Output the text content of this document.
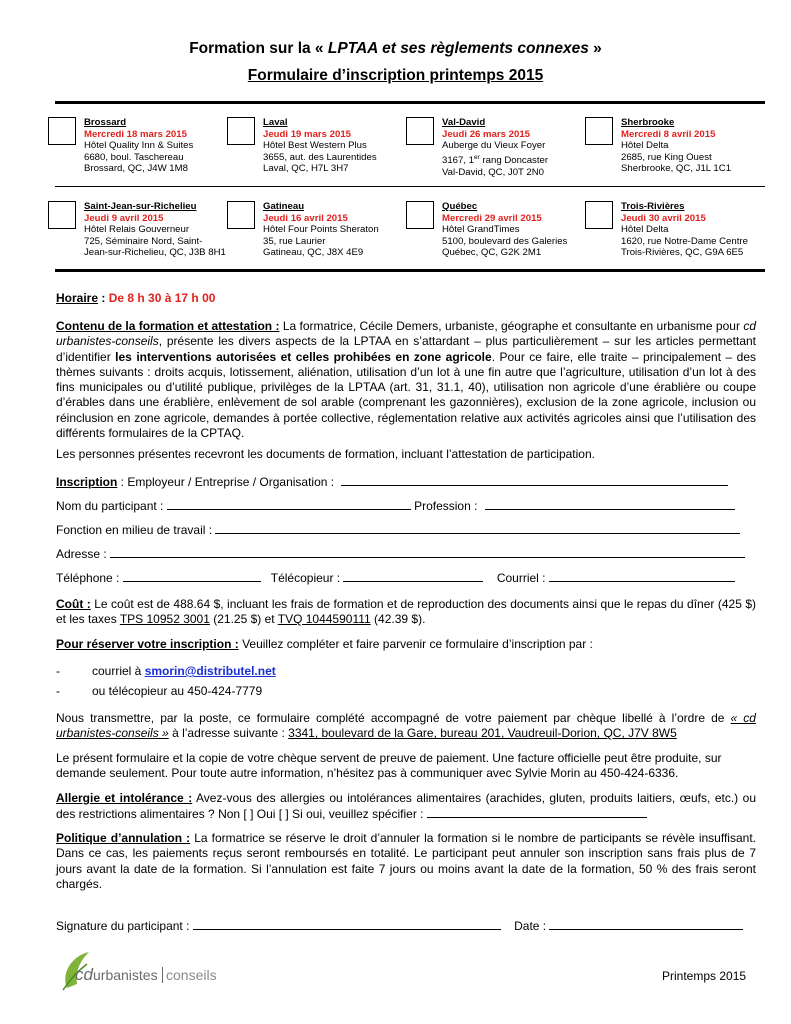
Formation sur la « LPTAA et ses règlements connexes »
Formulaire d’inscription printemps 2015
Brossard
Mercredi 18 mars 2015
Hôtel Quality Inn & Suites
6680, boul. Taschereau
Brossard, QC, J4W 1M8
Laval
Jeudi 19 mars 2015
Hôtel Best Western Plus
3655, aut. des Laurentides
Laval, QC, H7L 3H7
Val-David
Jeudi 26 mars 2015
Auberge du Vieux Foyer
3167, 1er rang Doncaster
Val-David, QC, J0T 2N0
Sherbrooke
Mercredi 8 avril 2015
Hôtel Delta
2685, rue King Ouest
Sherbrooke, QC, J1L 1C1
Saint-Jean-sur-Richelieu
Jeudi 9 avril 2015
Hôtel Relais Gouverneur
725, Séminaire Nord, Saint-
Jean-sur-Richelieu, QC, J3B 8H1
Gatineau
Jeudi 16 avril 2015
Hôtel Four Points Sheraton
35, rue Laurier
Gatineau, QC, J8X 4E9
Québec
Mercredi 29 avril 2015
Hôtel GrandTimes
5100, boulevard des Galeries
Québec, QC, G2K 2M1
Trois-Rivières
Jeudi 30 avril 2015
Hôtel Delta
1620, rue Notre-Dame Centre
Trois-Rivières, QC, G9A 6E5
Horaire : De 8 h 30 à 17 h 00
Contenu de la formation et attestation : La formatrice, Cécile Demers, urbaniste, géographe et consultante en urbanisme pour cd urbanistes-conseils, présente les divers aspects de la LPTAA en s’attardant – plus particulièrement – sur les articles permettant d’identifier les interventions autorisées et celles prohibées en zone agricole. Pour ce faire, elle traite – principalement – des thèmes suivants : droits acquis, lotissement, aliénation, utilisation d’un lot à une fin autre que l’agriculture, utilisation d’un lot à des fins municipales ou d’utilité publique, privilèges de la LPTAA (art. 31, 31.1, 40), utilisation non agricole d’une érablière ou coupe d’érables dans une érablière, enlèvement de sol arable (comprenant les gazonnières), exclusion de la zone agricole, inclusion ou réinclusion en zone agricole, demandes à portée collective, réglementation relative aux activités agricoles ainsi que l’utilisation des différents formulaires de la CPTAQ.
Les personnes présentes recevront les documents de formation, incluant l’attestation de participation.
Inscription : Employeur / Entreprise / Organisation :
Nom du participant :	Profession :
Fonction en milieu de travail :
Adresse :
Téléphone :	Télécopieur :	Courriel :
Coût : Le coût est de 488.64 $, incluant les frais de formation et de reproduction des documents ainsi que le repas du dîner (425 $) et les taxes TPS 10952 3001 (21.25 $) et TVQ 1044590111 (42.39 $).
Pour réserver votre inscription : Veuillez compléter et faire parvenir ce formulaire d’inscription par :
-	courriel à smorin@distributel.net
-	ou télécopieur au 450-424-7779
Nous transmettre, par la poste, ce formulaire complété accompagné de votre paiement par chèque libellé à l’ordre de « cd urbanistes-conseils » à l’adresse suivante : 3341, boulevard de la Gare, bureau 201, Vaudreuil-Dorion, QC, J7V 8W5
Le présent formulaire et la copie de votre chèque servent de preuve de paiement. Une facture officielle peut être produite, sur demande seulement. Pour toute autre information, n’hésitez pas à communiquer avec Sylvie Morin au 450-424-6336.
Allergie et intolérance : Avez-vous des allergies ou intolérances alimentaires (arachides, gluten, produits laitiers, œufs, etc.) ou des restrictions alimentaires ? Non [ ] Oui [ ] Si oui, veuillez spécifier :
Politique d’annulation : La formatrice se réserve le droit d’annuler la formation si le nombre de participants se révèle insuffisant. Dans ce cas, les paiements reçus seront remboursés en totalité. Le participant peut annuler son inscription sans frais plus de 7 jours avant la date de la formation. Si l’annulation est faite 7 jours ou moins avant la date de la formation, 50 % des frais seront chargés.
Signature du participant :	Date :
cd urbanistes conseils	Printemps 2015
